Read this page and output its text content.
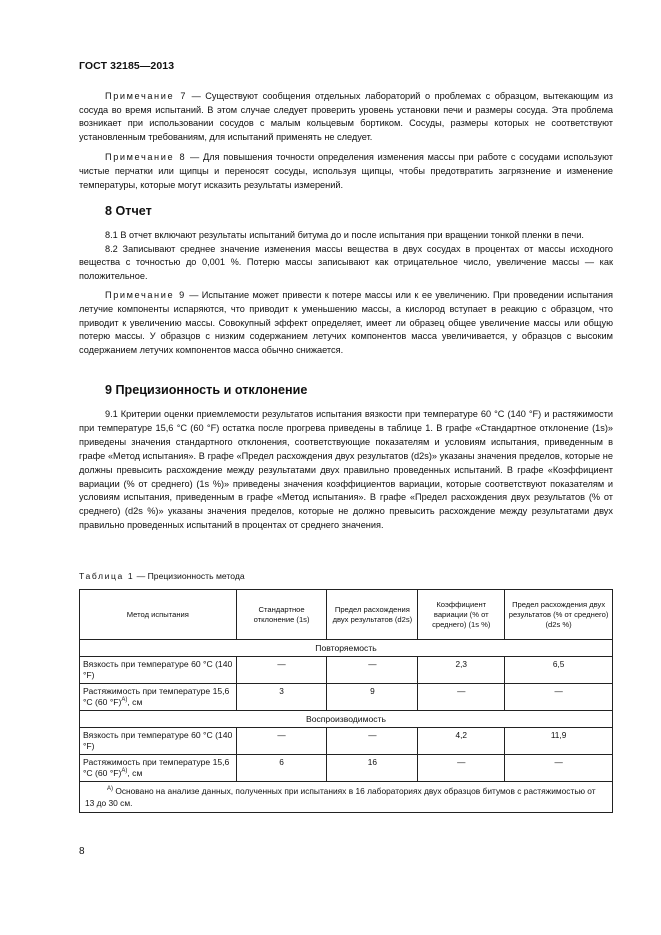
ГОСТ 32185—2013

Примечание 7 — Существуют сообщения отдельных лабораторий о проблемах с образцом, вытекающим из сосуда во время испытаний. В этом случае следует проверить уровень установки печи и размеры сосуда. Эта проблема возникает при использовании сосудов с малым кольцевым бортиком. Сосуды, размеры которых не соответствуют установленным требованиям, для испытаний применять не следует.

Примечание 8 — Для повышения точности определения изменения массы при работе с сосудами используют чистые перчатки или щипцы и переносят сосуды, используя щипцы, чтобы предотвратить загрязнение и изменение температуры, которые могут исказить результаты измерений.

8 Отчет

8.1 В отчет включают результаты испытаний битума до и после испытания при вращении тонкой пленки в печи.

8.2 Записывают среднее значение изменения массы вещества в двух сосудах в процентах от массы исходного вещества с точностью до 0,001 %. Потерю массы записывают как отрицательное число, увеличение массы — как положительное.

Примечание 9 — Испытание может привести к потере массы или к ее увеличению. При проведении испытания летучие компоненты испаряются, что приводит к уменьшению массы, а кислород вступает в реакцию с образцом, что приводит к увеличению массы. Совокупный эффект определяет, имеет ли образец общее увеличение массы или общую потерю массы. У образцов с низким содержанием летучих компонентов масса увеличивается, у образцов с высоким содержанием летучих компонентов масса обычно снижается.

9 Прецизионность и отклонение

9.1 Критерии оценки приемлемости результатов испытания вязкости при температуре 60 °С (140 °F) и растяжимости при температуре 15,6 °С (60 °F) остатка после прогрева приведены в таблице 1. В графе «Стандартное отклонение (1s)» приведены значения стандартного отклонения, соответствующие показателям и условиям испытания, приведенным в графе «Метод испытания». В графе «Предел расхождения двух результатов (d2s)» указаны значения пределов, которые не должны превысить расхождение между результатами двух правильно проведенных испытаний. В графе «Коэффициент вариации (% от среднего) (1s %)» приведены значения коэффициентов вариации, которые соответствуют показателям и условиям испытания, приведенным в графе «Метод испытания». В графе «Предел расхождения двух результатов (% от среднего) (d2s %)» указаны значения пределов, которые не должно превысить расхождение между результатами двух правильно проведенных испытаний в процентах от среднего значения.

Таблица 1 — Прецизионность метода
Метод испытания	Стандартное отклонение (1s)	Предел расхождения двух результатов (d2s)	Коэффициент вариации (% от среднего) (1s %)	Предел расхождения двух результатов (% от среднего) (d2s %)
Повторяемость				
Вязкость при температуре 60 °С (140 °F)	—	—	2,3	6,5
Растяжимость при температуре 15,6 °С (60 °F)$^{А)}$, см	3	9	—	—
Воспроизводимость				
Вязкость при температуре 60 °С (140 °F)	—	—	4,2	11,9
Растяжимость при температуре 15,6 °С (60 °F)$^{А)}$, см	6	16	—	—
$^{А)}$ Основано на анализе данных, полученных при испытаниях в 16 лабораториях двух образцов битумов с растяжимостью от 13 до 30 см.				
8
